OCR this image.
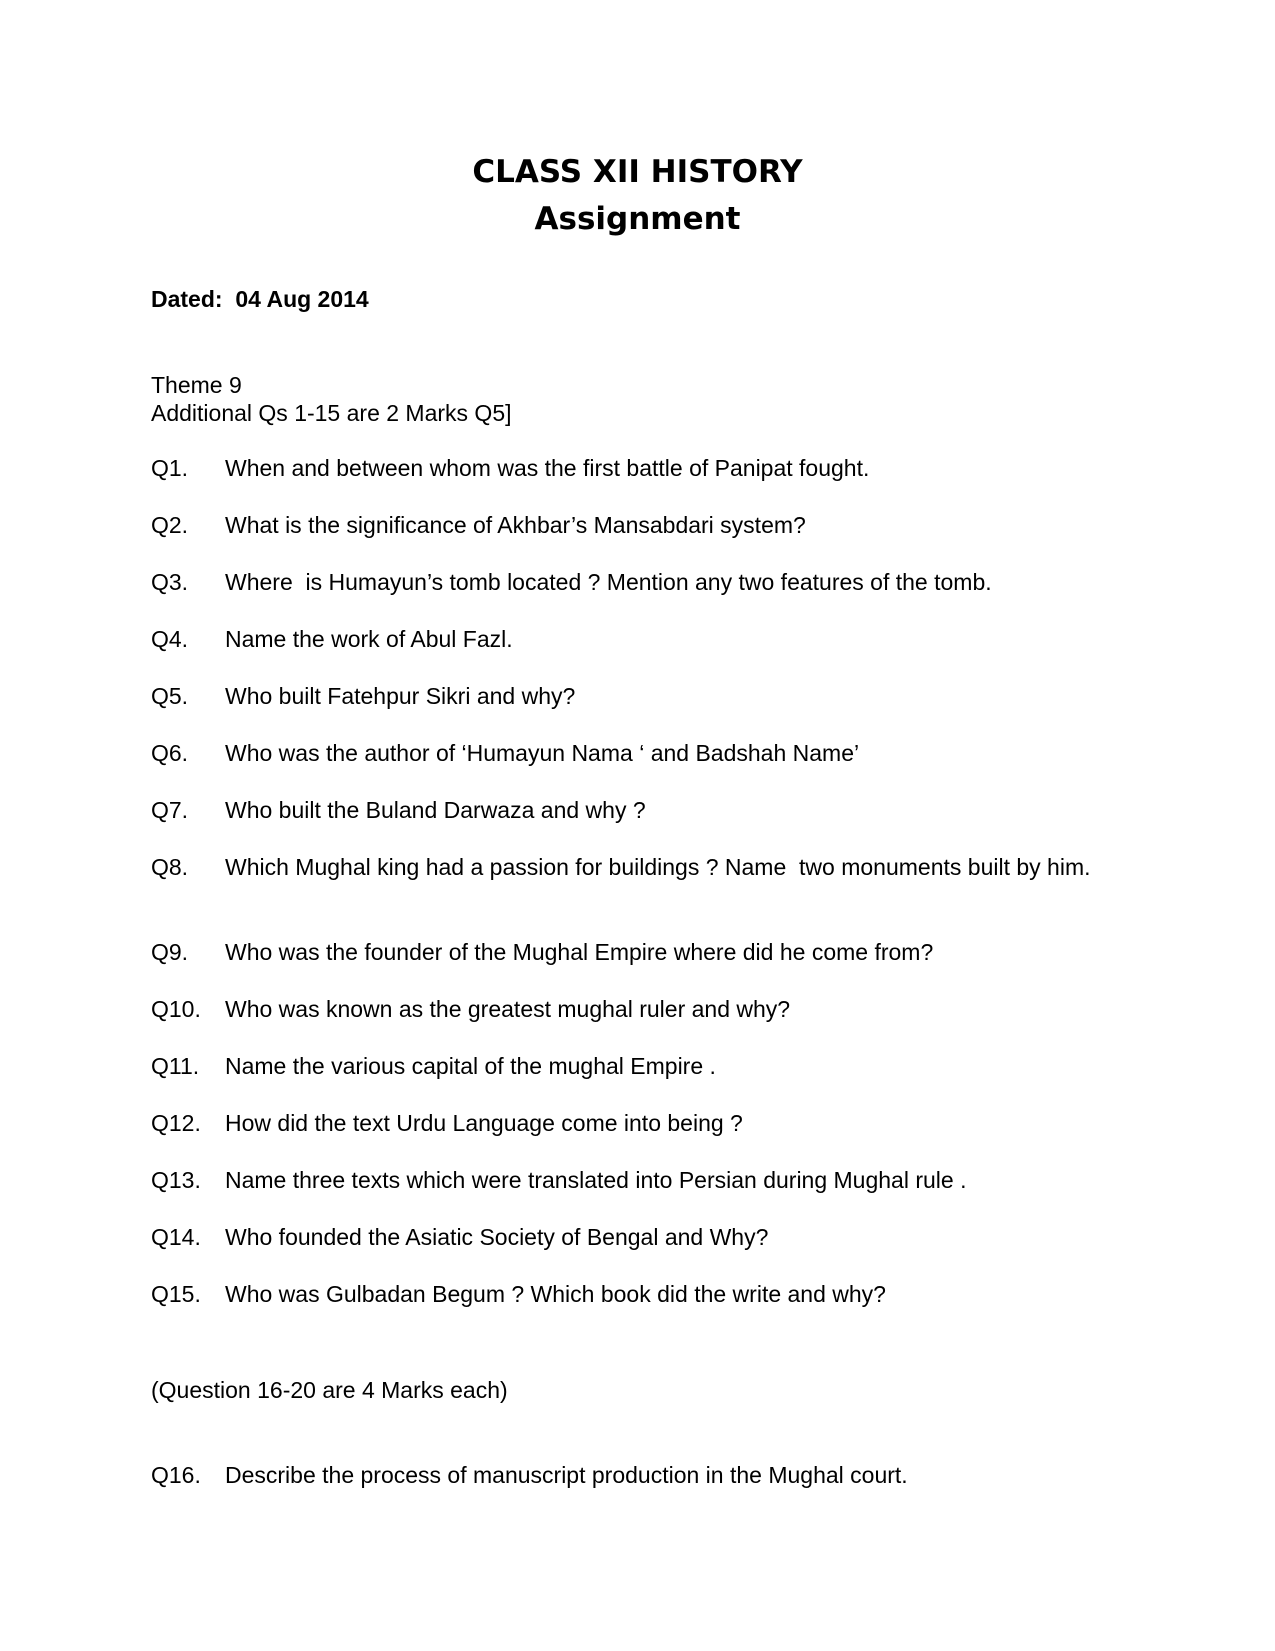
CLASS XII HISTORY
Assignment
Dated:  04 Aug 2014
Theme 9
Additional Qs 1-15 are 2 Marks Q5]
Q1. When and between whom was the first battle of Panipat fought.
Q2. What is the significance of Akhbar’s Mansabdari system?
Q3. Where  is Humayun’s tomb located ? Mention any two features of the tomb.
Q4. Name the work of Abul Fazl.
Q5. Who built Fatehpur Sikri and why?
Q6. Who was the author of ‘Humayun Nama ‘ and Badshah Name’
Q7. Who built the Buland Darwaza and why ?
Q8. Which Mughal king had a passion for buildings ? Name  two monuments built by him.
Q9. Who was the founder of the Mughal Empire where did he come from?
Q10. Who was known as the greatest mughal ruler and why?
Q11. Name the various capital of the mughal Empire .
Q12. How did the text Urdu Language come into being ?
Q13. Name three texts which were translated into Persian during Mughal rule .
Q14. Who founded the Asiatic Society of Bengal and Why?
Q15. Who was Gulbadan Begum ? Which book did the write and why?
(Question 16-20 are 4 Marks each)
Q16. Describe the process of manuscript production in the Mughal court.
